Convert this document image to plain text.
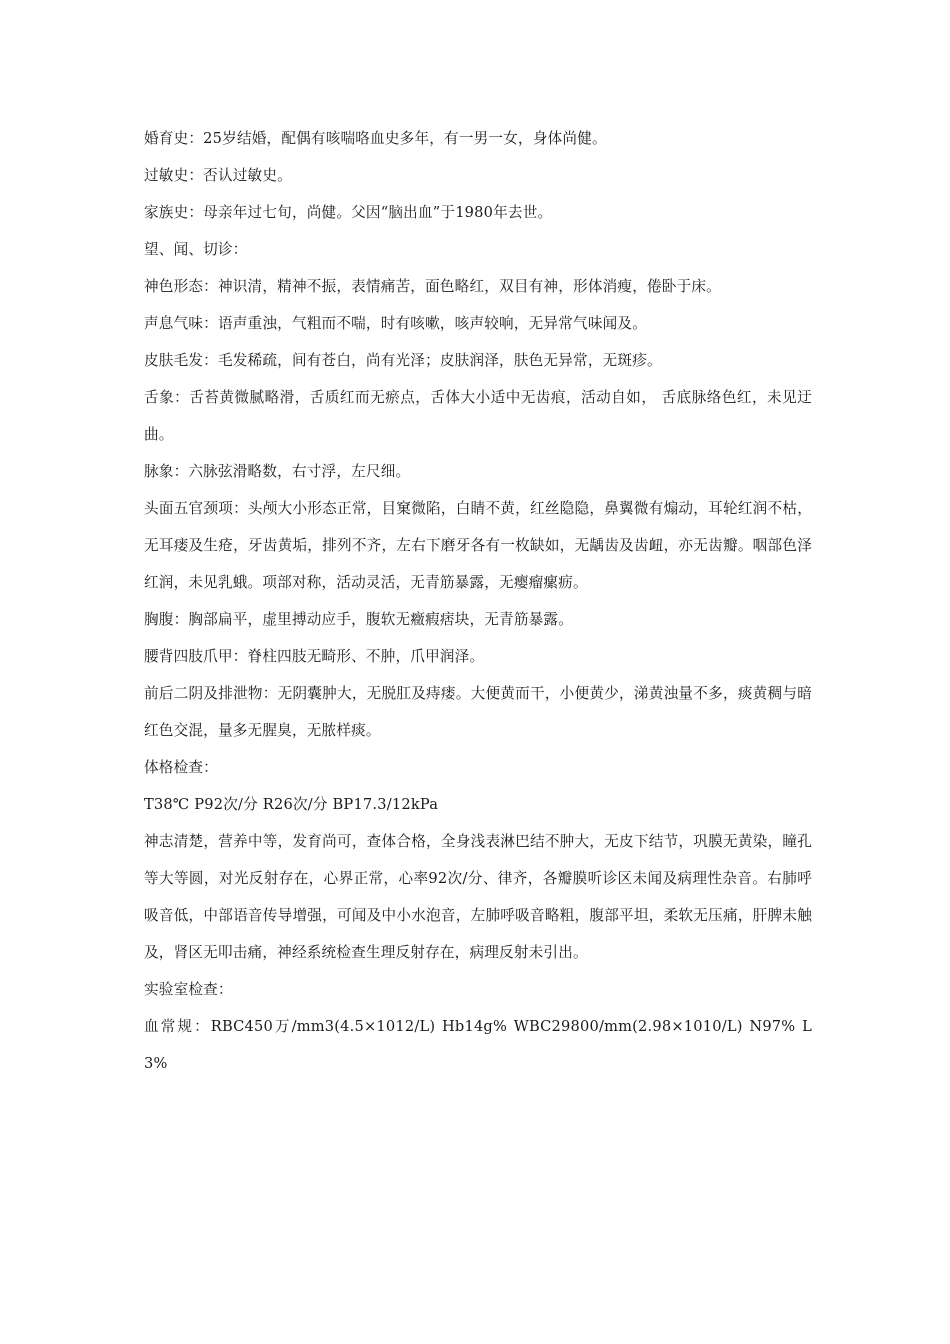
婚育史：25岁结婚，配偶有咳喘咯血史多年，有一男一女，身体尚健。

过敏史：否认过敏史。

家族史：母亲年过七旬，尚健。父因“脑出血”于1980年去世。

望、闻、切诊：

神色形态：神识清，精神不振，表情痛苦，面色略红，双目有神，形体消瘦，倦卧于床。

声息气味：语声重浊，气粗而不喘，时有咳嗽，咳声较响，无异常气味闻及。

皮肤毛发：毛发稀疏，间有苍白，尚有光泽；皮肤润泽，肤色无异常，无斑疹。

舌象：舌苔黄微腻略滑，舌质红而无瘀点，舌体大小适中无齿痕，活动自如， 舌底脉络色红，未见迂曲。

脉象：六脉弦滑略数，右寸浮，左尺细。

头面五官颈项：头颅大小形态正常，目窠微陷，白睛不黄，红丝隐隐，鼻翼微有煽动，耳轮红润不枯，无耳瘘及生疮，牙齿黄垢，排列不齐，左右下磨牙各有一枚缺如，无龋齿及齿衄，亦无齿瓣。咽部色泽红润，未见乳蛾。项部对称，活动灵活，无青筋暴露，无瘿瘤瘰疬。

胸腹：胸部扁平，虚里搏动应手，腹软无癥瘕痞块，无青筋暴露。

腰背四肢爪甲：脊柱四肢无畸形、不肿，爪甲润泽。

前后二阴及排泄物：无阴囊肿大，无脱肛及痔瘘。大便黄而干，小便黄少，涕黄浊量不多，痰黄稠与暗红色交混，量多无腥臭，无脓样痰。

体格检查：

T38℃ P92次/分 R26次/分 BP17.3/12kPa

神志清楚，营养中等，发育尚可，查体合格，全身浅表淋巴结不肿大，无皮下结节，巩膜无黄染，瞳孔等大等圆，对光反射存在，心界正常，心率92次/分、律齐，各瓣膜听诊区未闻及病理性杂音。右肺呼吸音低，中部语音传导增强，可闻及中小水泡音，左肺呼吸音略粗，腹部平坦，柔软无压痛，肝脾未触及，肾区无叩击痛，神经系统检查生理反射存在，病理反射未引出。

实验室检查：

血常规：RBC450万/mm3(4.5×1012/L) Hb14g% WBC29800/mm(2.98×1010/L) N97% L3%
